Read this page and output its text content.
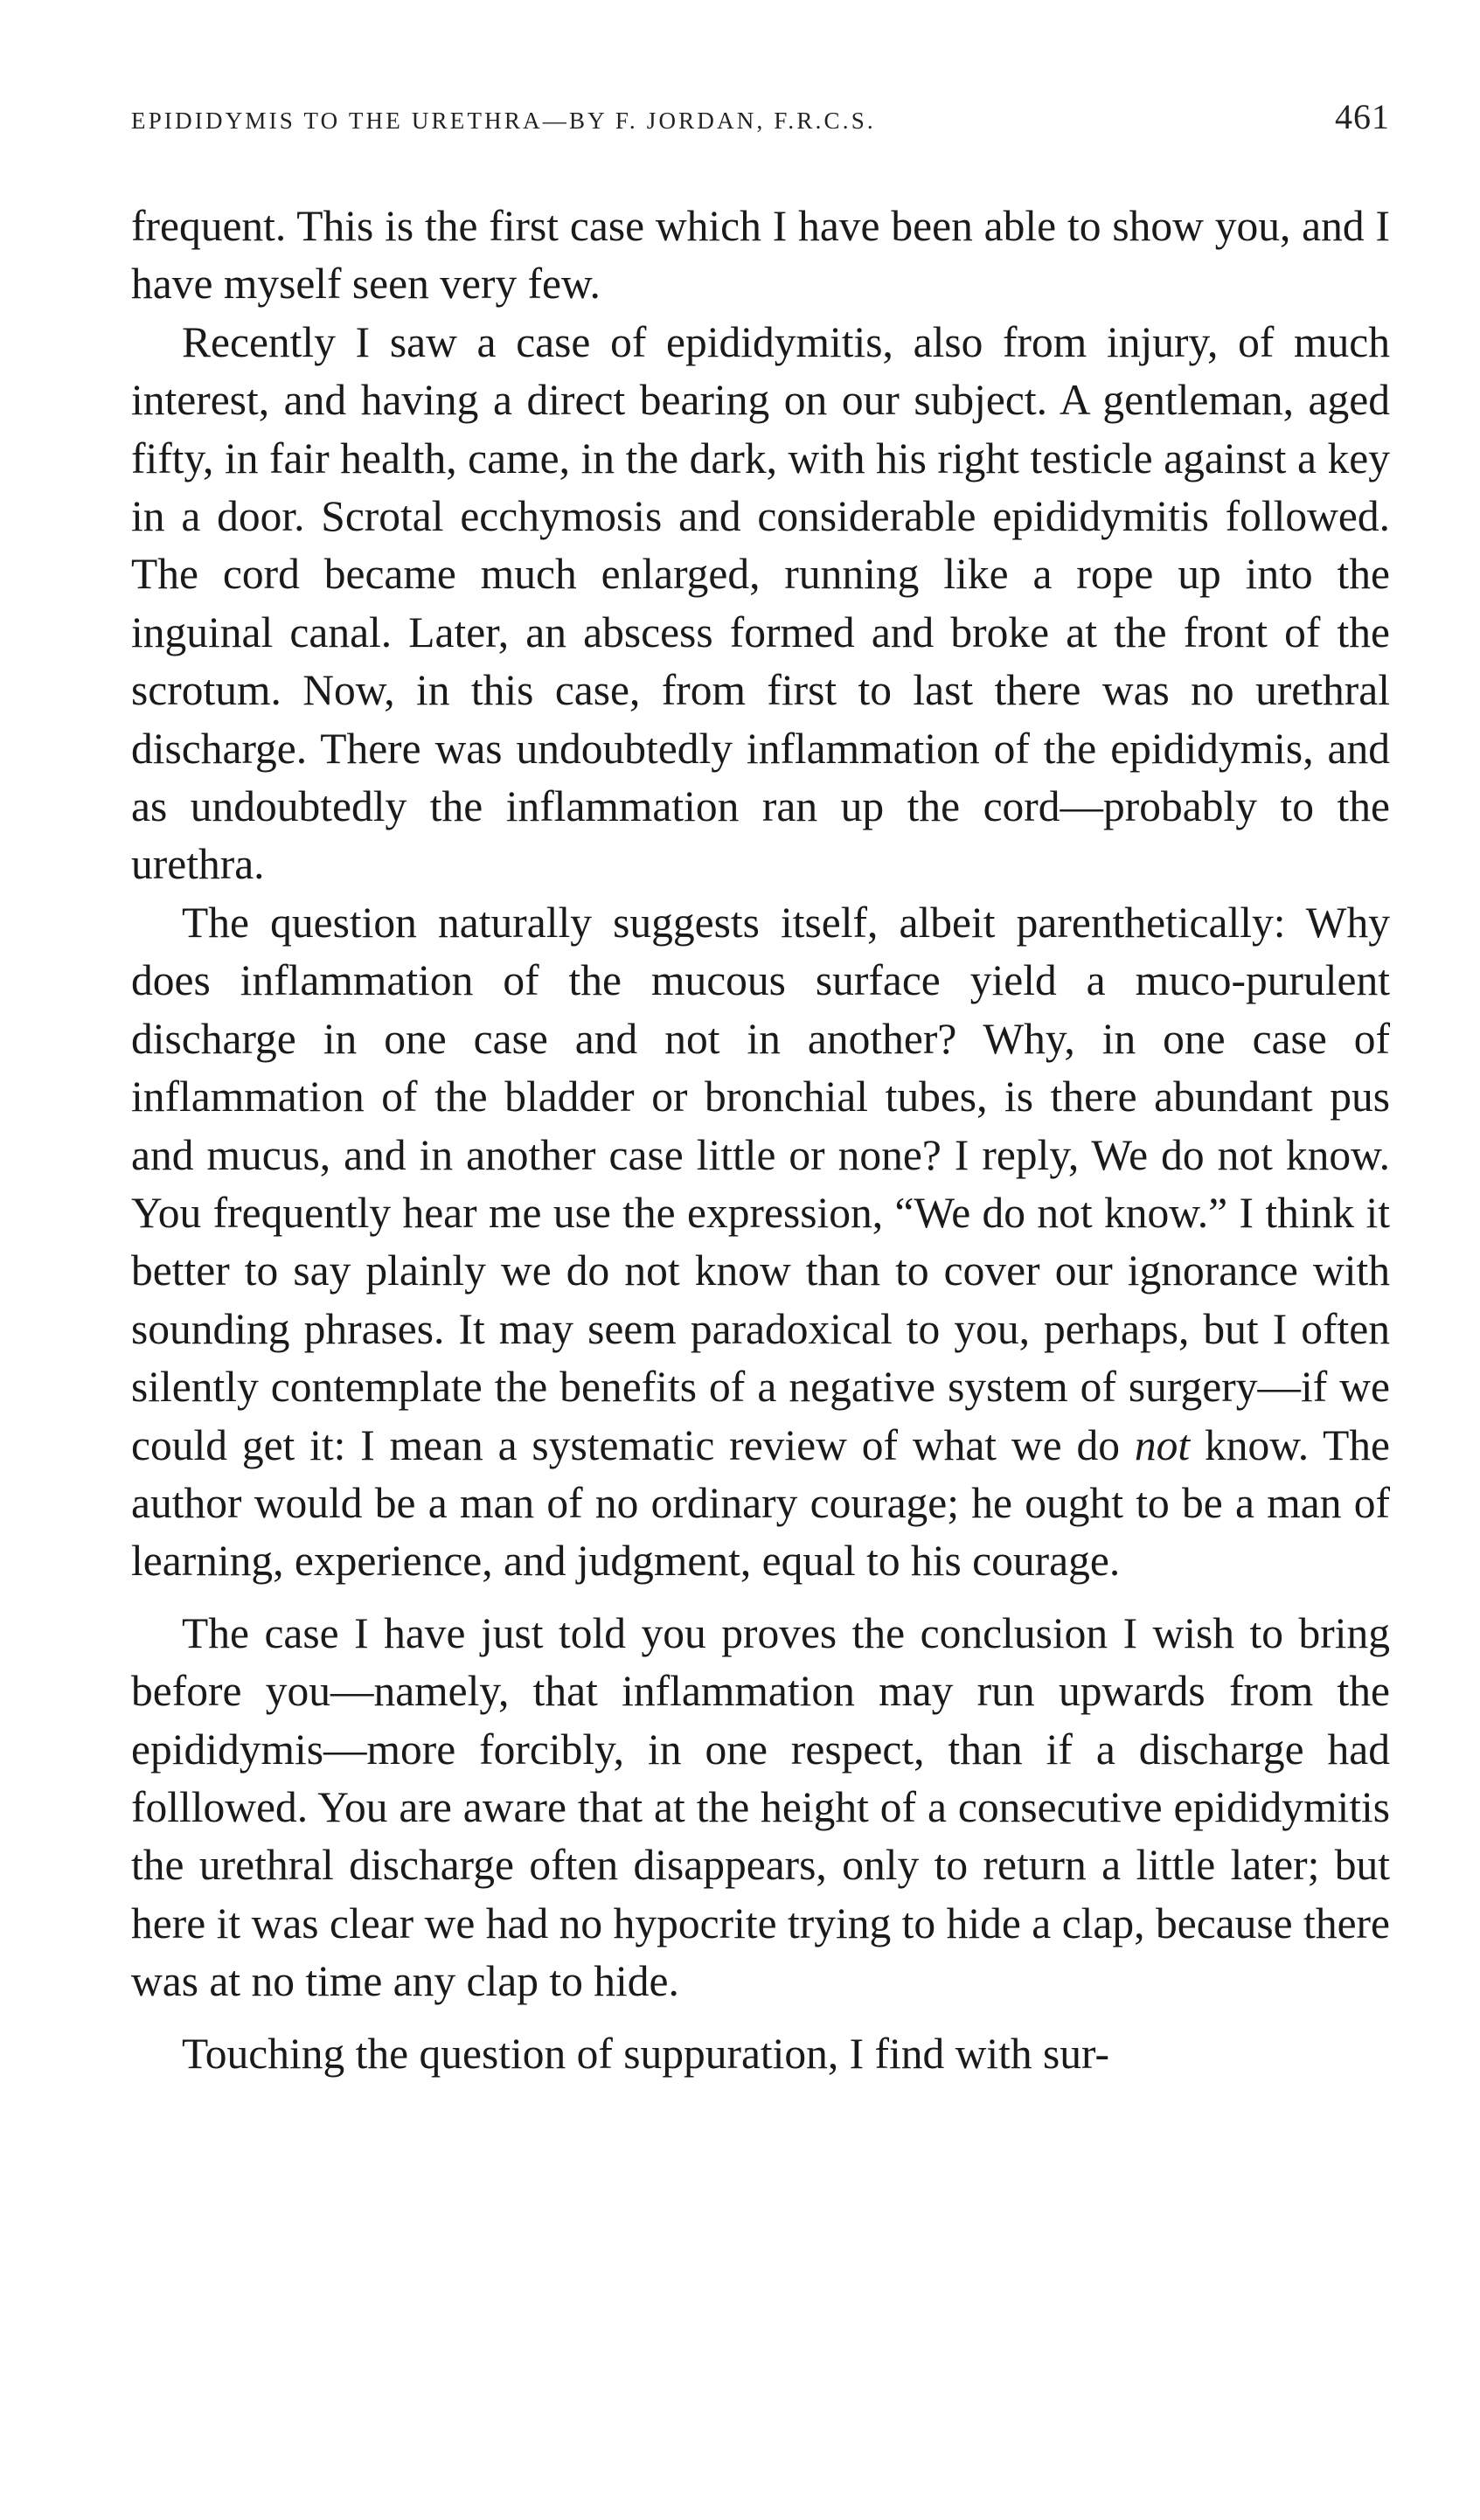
EPIDIDYMIS TO THE URETHRA—BY F. JORDAN, F.R.C.S.	461

frequent. This is the first case which I have been able to show you, and I have myself seen very few.

Recently I saw a case of epididymitis, also from injury, of much interest, and having a direct bearing on our subject. A gentleman, aged fifty, in fair health, came, in the dark, with his right testicle against a key in a door. Scrotal ecchymosis and considerable epididymitis followed. The cord became much enlarged, running like a rope up into the inguinal canal. Later, an abscess formed and broke at the front of the scrotum. Now, in this case, from first to last there was no urethral discharge. There was undoubtedly inflammation of the epididymis, and as undoubtedly the inflammation ran up the cord—probably to the urethra.

The question naturally suggests itself, albeit parenthetically: Why does inflammation of the mucous surface yield a muco-purulent discharge in one case and not in another? Why, in one case of inflammation of the bladder or bronchial tubes, is there abundant pus and mucus, and in another case little or none? I reply, We do not know. You frequently hear me use the expression, “We do not know.” I think it better to say plainly we do not know than to cover our ignorance with sounding phrases. It may seem paradoxical to you, perhaps, but I often silently contemplate the benefits of a negative system of surgery—if we could get it: I mean a systematic review of what we do not know. The author would be a man of no ordinary courage; he ought to be a man of learning, experience, and judgment, equal to his courage.

The case I have just told you proves the conclusion I wish to bring before you—namely, that inflammation may run upwards from the epididymis—more forcibly, in one respect, than if a discharge had folllowed. You are aware that at the height of a consecutive epididymitis the urethral discharge often disappears, only to return a little later; but here it was clear we had no hypocrite trying to hide a clap, because there was at no time any clap to hide.

Touching the question of suppuration, I find with sur-
